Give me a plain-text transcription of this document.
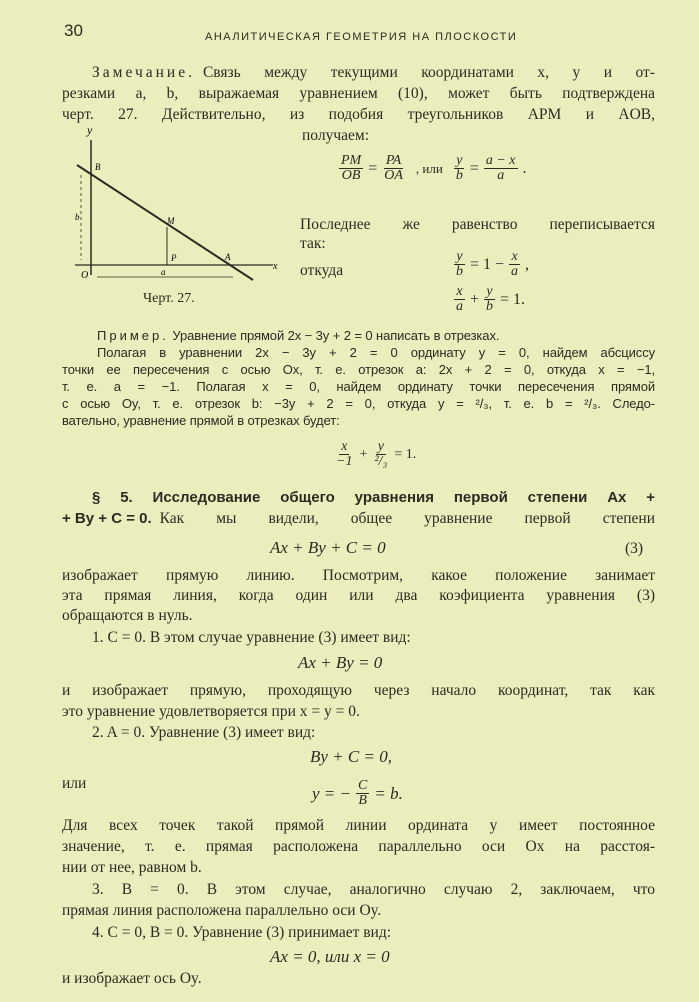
30	АНАЛИТИЧЕСКАЯ ГЕОМЕТРИЯ НА ПЛОСКОСТИ
Замечание. Связь между текущими координатами x, y и от-
резками a, b, выражаемая уравнением (10), может быть подтверждена
черт. 27. Действительно, из подобия треугольников APM и AOB,
получаем:
y
B
b	M
P	A
x
O	a
Черт. 27.
$\frac{PM}{OB} = \frac{PA}{OA}$ , или $\frac{y}{b} = \frac{a - x}{a}$ .
Последнее же равенство переписывается
так:
$\frac{y}{b} = 1 - \frac{x}{a}$ ,
откуда
$\frac{x}{a} + \frac{y}{b} = 1$.
Пример. Уравнение прямой 2x − 3y + 2 = 0 написать в отрезках.
Полагая в уравнении 2x − 3y + 2 = 0 ординату y = 0, найдем абсциссу
точки ее пересечения с осью Ox, т. е. отрезок a: 2x + 2 = 0, откуда x = −1,
т. е. a = −1. Полагая x = 0, найдем ординату точки пересечения прямой
с осью Oy, т. е. отрезок b: −3y + 2 = 0, откуда y = ²/₃, т. е. b = ²/₃. Следо-
вательно, уравнение прямой в отрезках будет:
$\frac{x}{-1} + \frac{y}{\text{²/₃}} = 1$.
§ 5. Исследование общего уравнения первой степени Ax +
+ By + C = 0. Как мы видели, общее уравнение первой степени
Ax + By + C = 0	(3)
изображает прямую линию. Посмотрим, какое положение занимает
эта прямая линия, когда один или два коэфициента уравнения (3)
обращаются в нуль.
1. C = 0. В этом случае уравнение (3) имеет вид:
Ax + By = 0
и изображает прямую, проходящую через начало координат, так как
это уравнение удовлетворяется при x = y = 0.
2. A = 0. Уравнение (3) имеет вид:
By + C = 0,
или	y = − $\frac{C}{B} = b$.
Для всех точек такой прямой линии ордината y имеет постоянное
значение, т. е. прямая расположена параллельно оси Ox на расстоя-
нии от нее, равном b.
3. B = 0. В этом случае, аналогично случаю 2, заключаем, что
прямая линия расположена параллельно оси Oy.
4. C = 0, B = 0. Уравнение (3) принимает вид:
Ax = 0, или x = 0
и изображает ось Oy.
